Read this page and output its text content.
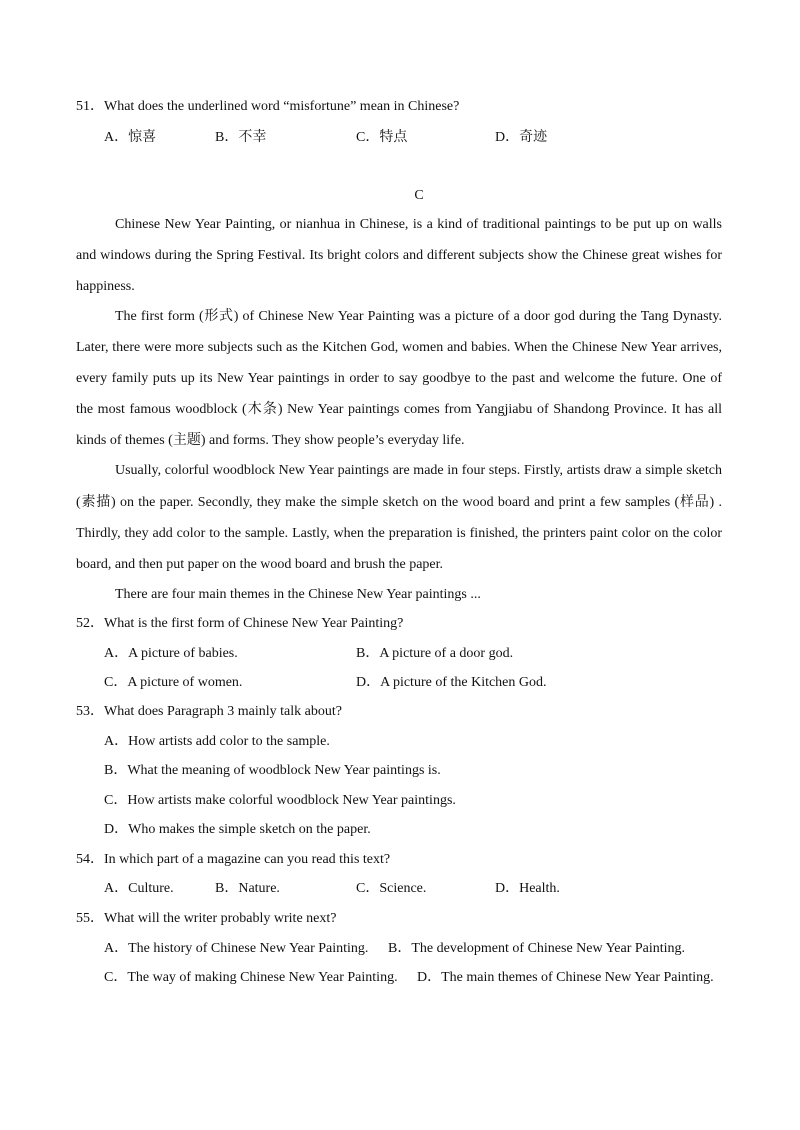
51．What does the underlined word “misfortune” mean in Chinese?
A．惊喜	B．不幸	C．特点	D．奇迹
C
Chinese New Year Painting, or nianhua in Chinese, is a kind of traditional paintings to be put up on walls
and windows during the Spring Festival. Its bright colors and different subjects show the Chinese great wishes for
happiness.
The first form (形式) of Chinese New Year Painting was a picture of a door god during the Tang Dynasty.
Later, there were more subjects such as the Kitchen God, women and babies. When the Chinese New Year arrives,
every family puts up its New Year paintings in order to say goodbye to the past and welcome the future. One of
the most famous woodblock (木条) New Year paintings comes from Yangjiabu of Shandong Province. It has all
kinds of themes (主题) and forms. They show people’s everyday life.
Usually, colorful woodblock New Year paintings are made in four steps. Firstly, artists draw a simple sketch
(素描) on the paper. Secondly, they make the simple sketch on the wood board and print a few samples (样品) .
Thirdly, they add color to the sample. Lastly, when the preparation is finished, the printers paint color on the color
board, and then put paper on the wood board and brush the paper.
There are four main themes in the Chinese New Year paintings ...
52．What is the first form of Chinese New Year Painting?
A．A picture of babies.	B．A picture of a door god.
C．A picture of women.	D．A picture of the Kitchen God.
53．What does Paragraph 3 mainly talk about?
A．How artists add color to the sample.
B．What the meaning of woodblock New Year paintings is.
C．How artists make colorful woodblock New Year paintings.
D．Who makes the simple sketch on the paper.
54．In which part of a magazine can you read this text?
A．Culture.	B．Nature.	C．Science.	D．Health.
55．What will the writer probably write next?
A．The history of Chinese New Year Painting. B．The development of Chinese New Year Painting.
C．The way of making Chinese New Year Painting. D．The main themes of Chinese New Year Painting.
